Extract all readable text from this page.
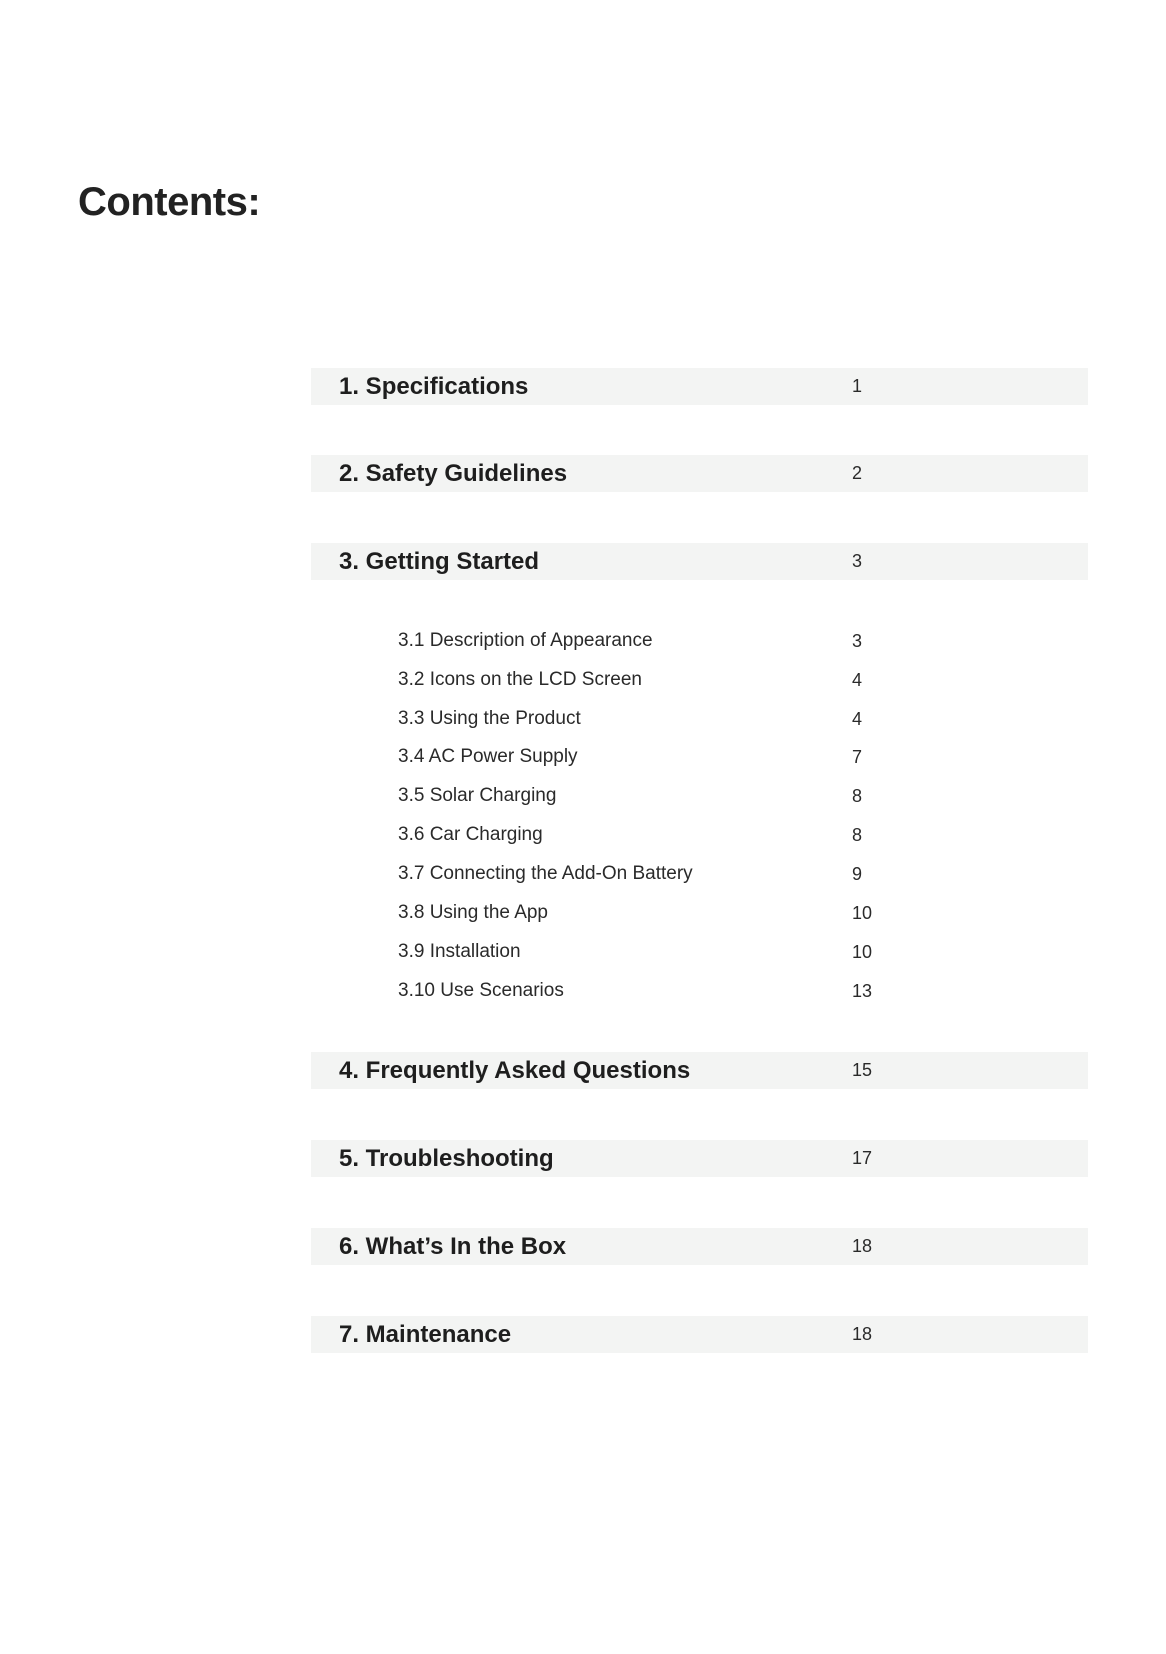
Contents:
1. Specifications	1
2. Safety Guidelines	2
3. Getting Started	3
3.1 Description of Appearance	3
3.2 Icons on the LCD Screen	4
3.3 Using the Product	4
3.4 AC Power Supply	7
3.5 Solar Charging	8
3.6 Car Charging	8
3.7 Connecting the Add-On Battery	9
3.8 Using the App	10
3.9 Installation	10
3.10 Use Scenarios	13
4. Frequently Asked Questions	15
5. Troubleshooting	17
6. What’s In the Box	18
7. Maintenance	18
